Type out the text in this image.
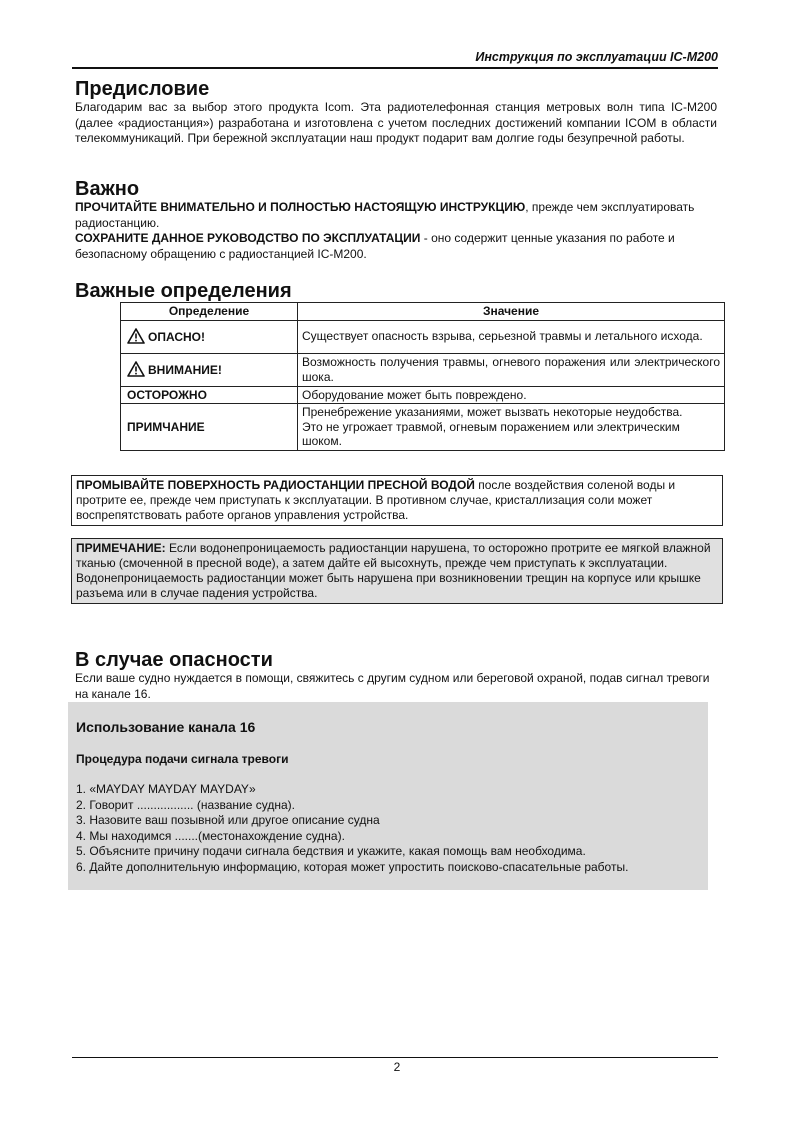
Инструкция по эксплуатации IC-M200
Предисловие

Благодарим вас за выбор этого продукта Icom. Эта радиотелефонная станция метровых волн типа IC-M200 (далее «радиостанция») разработана и изготовлена с учетом последних достижений компании ICOM в области телекоммуникаций. При бережной эксплуатации наш продукт подарит вам долгие годы безупречной работы.

Важно

ПРОЧИТАЙТЕ ВНИМАТЕЛЬНО И ПОЛНОСТЬЮ НАСТОЯЩУЮ ИНСТРУКЦИЮ, прежде чем эксплуатировать радиостанцию.

СОХРАНИТЕ ДАННОЕ РУКОВОДСТВО ПО ЭКСПЛУАТАЦИИ - оно содержит ценные указания по работе и безопасному обращению с радиостанцией IC-M200.

Важные определения
Определение	Значение
ОПАСНО!	Существует опасность взрыва, серьезной травмы и летального исхода.
ВНИМАНИЕ!	Возможность получения травмы, огневого поражения или электрического шока.
ОСТОРОЖНО	Оборудование может быть повреждено.
ПРИМЧАНИЕ	Пренебрежение указаниями, может вызвать некоторые неудобства.
Это не угрожает травмой, огневым поражением или электрическим шоком.

ПРОМЫВАЙТЕ ПОВЕРХНОСТЬ РАДИОСТАНЦИИ ПРЕСНОЙ ВОДОЙ после воздействия соленой воды и протрите ее, прежде чем приступать к эксплуатации. В противном случае, кристаллизация соли может воспрепятствовать работе органов управления устройства.

ПРИМЕЧАНИЕ: Если водонепроницаемость радиостанции нарушена, то осторожно протрите ее мягкой влажной тканью (смоченной в пресной воде), а затем дайте ей высохнуть, прежде чем приступать к эксплуатации.

Водонепроницаемость радиостанции может быть нарушена при возникновении трещин на корпусе или крышке разъема или в случае падения устройства.

В случае опасности

Если ваше судно нуждается в помощи, свяжитесь с другим судном или береговой охраной, подав сигнал тревоги на канале 16.

Использование канала 16
Процедура подачи сигнала тревоги
1. «MAYDAY MAYDAY MAYDAY»
2. Говорит ................. (название судна).
3. Назовите ваш позывной или другое описание судна
4. Мы находимся .......(местонахождение судна).
5. Объясните причину подачи сигнала бедствия и укажите, какая помощь вам необходима.
6. Дайте дополнительную информацию, которая может упростить поисково-спасательные работы.
2
